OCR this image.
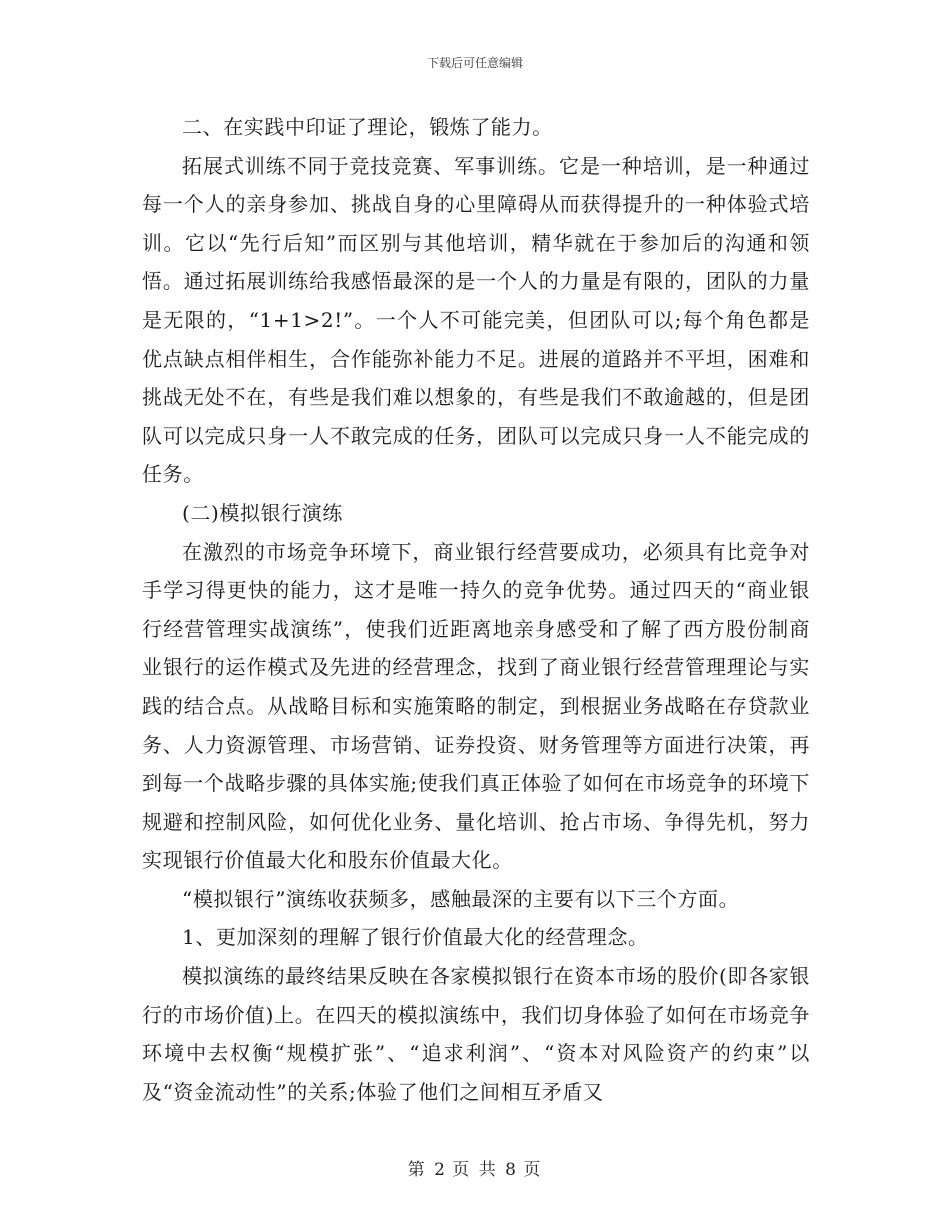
下载后可任意编辑

二、在实践中印证了理论，锻炼了能力。

拓展式训练不同于竞技竞赛、军事训练。它是一种培训，是一种通过每一个人的亲身参加、挑战自身的心里障碍从而获得提升的一种体验式培训。它以“先行后知”而区别与其他培训，精华就在于参加后的沟通和领悟。通过拓展训练给我感悟最深的是一个人的力量是有限的，团队的力量是无限的，“1+1>2!”。一个人不可能完美，但团队可以;每个角色都是优点缺点相伴相生，合作能弥补能力不足。进展的道路并不平坦，困难和挑战无处不在，有些是我们难以想象的，有些是我们不敢逾越的，但是团队可以完成只身一人不敢完成的任务，团队可以完成只身一人不能完成的任务。

(二)模拟银行演练

在激烈的市场竞争环境下，商业银行经营要成功，必须具有比竞争对手学习得更快的能力，这才是唯一持久的竞争优势。通过四天的“商业银行经营管理实战演练”，使我们近距离地亲身感受和了解了西方股份制商业银行的运作模式及先进的经营理念，找到了商业银行经营管理理论与实践的结合点。从战略目标和实施策略的制定，到根据业务战略在存贷款业务、人力资源管理、市场营销、证券投资、财务管理等方面进行决策，再到每一个战略步骤的具体实施;使我们真正体验了如何在市场竞争的环境下规避和控制风险，如何优化业务、量化培训、抢占市场、争得先机，努力实现银行价值最大化和股东价值最大化。

“模拟银行”演练收获频多，感触最深的主要有以下三个方面。

1、更加深刻的理解了银行价值最大化的经营理念。

模拟演练的最终结果反映在各家模拟银行在资本市场的股价(即各家银行的市场价值)上。在四天的模拟演练中，我们切身体验了如何在市场竞争环境中去权衡“规模扩张”、“追求利润”、“资本对风险资产的约束”以及“资金流动性”的关系;体验了他们之间相互矛盾又

第 2 页 共 8 页
